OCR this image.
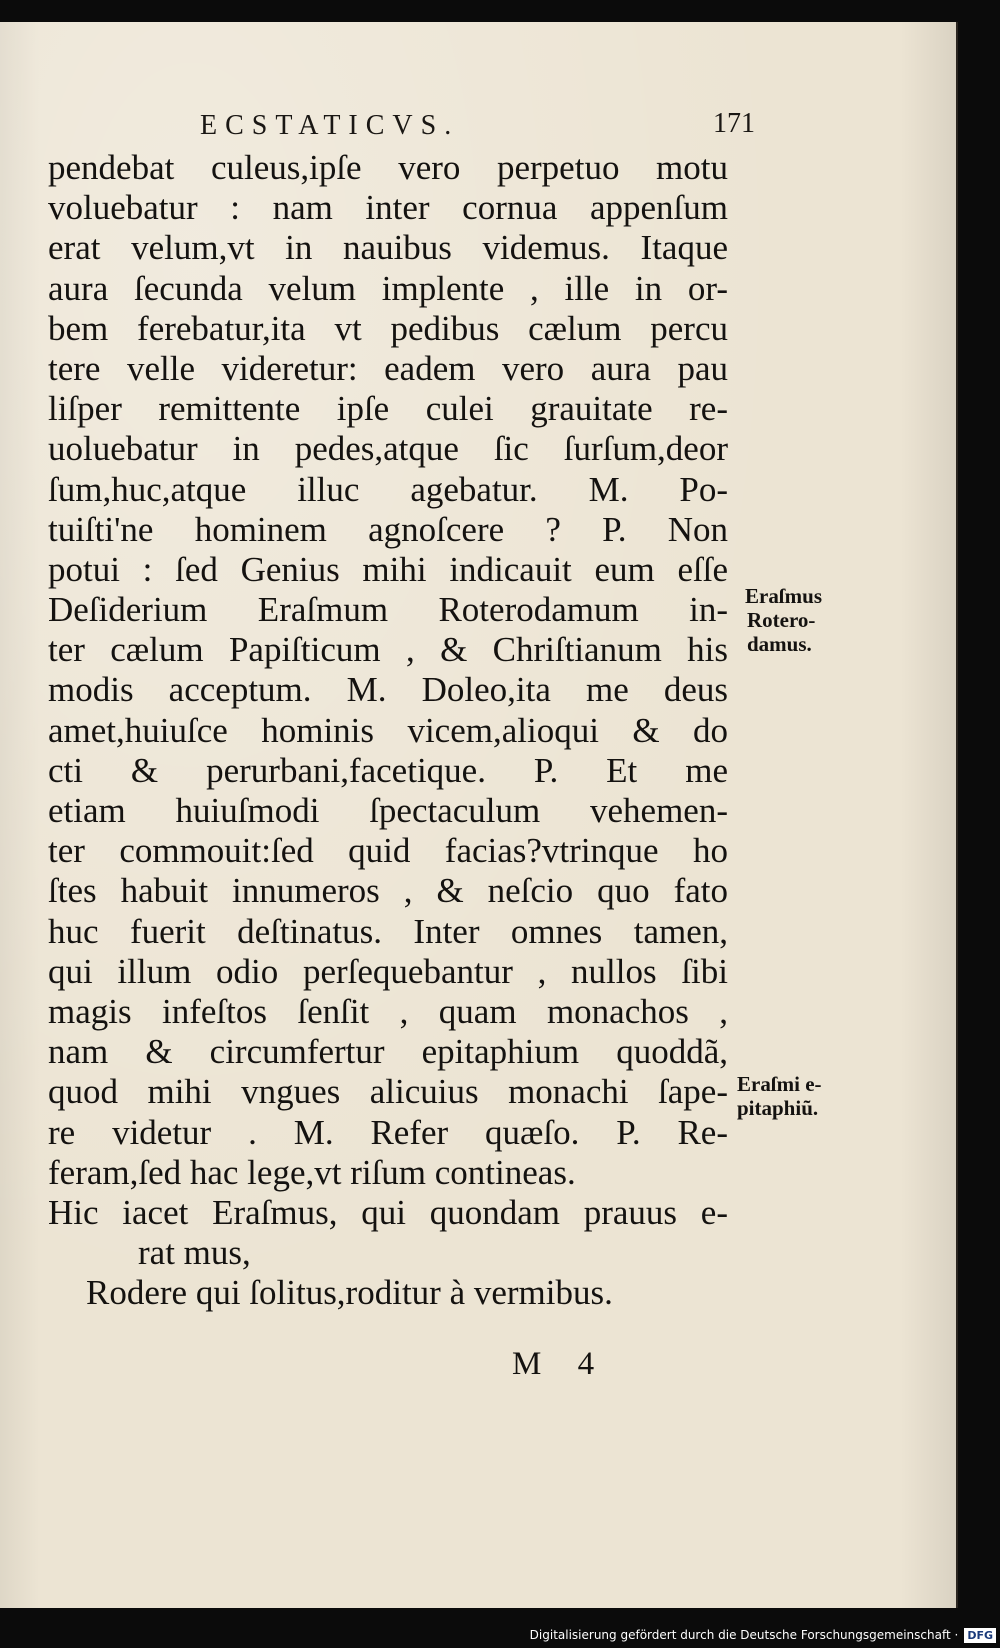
ECSTATICVS.	171
pendebat culeus,ipſe vero perpetuo motu
voluebatur : nam inter cornua appenſum
erat velum,vt in nauibus videmus. Itaque
aura ſecunda velum implente , ille in or-
bem ferebatur,ita vt pedibus cælum percu
tere velle videretur: eadem vero aura pau
liſper remittente ipſe culei grauitate re-
uoluebatur in pedes,atque ſic ſurſum,deor
ſum,huc,atque illuc agebatur. M. Po-
tuiſti'ne hominem agnoſcere ? P. Non
potui : ſed Genius mihi indicauit eum eſſe
Deſiderium Eraſmum Roterodamum in-
ter cælum Papiſticum , & Chriſtianum his
modis acceptum. M. Doleo,ita me deus
amet,huiuſce hominis vicem,alioqui & do
cti & perurbani,facetique. P. Et me
etiam huiuſmodi ſpectaculum vehemen-
ter commouit:ſed quid facias?vtrinque ho
ſtes habuit innumeros , & neſcio quo fato
huc fuerit deſtinatus. Inter omnes tamen,
qui illum odio perſequebantur , nullos ſibi
magis infeſtos ſenſit , quam monachos ,
nam & circumfertur epitaphium quoddã,
quod mihi vngues alicuius monachi ſape-
re videtur . M. Refer quæſo. P. Re-
feram,ſed hac lege,vt riſum contineas.
Hic iacet Eraſmus, qui quondam prauus e-
rat mus,
Rodere qui ſolitus,roditur à vermibus.
M 4
Eraſmus
Rotero-
damus.
Eraſmi e-
pitaphiũ.
Digitalisierung gefördert durch die Deutsche Forschungsgemeinschaft · DFG
